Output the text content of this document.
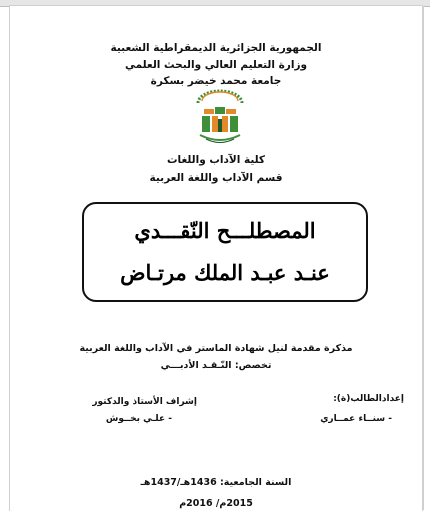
الجمهورية الجزائرية الديمقراطية الشعبية
وزارة التعليم العالي والبحث العلمي
جامعة محمد خيضر بسكرة
كلية الآداب واللغات
قسم الآداب واللغة العربية
المصطلـــح النّقـــدي
عنـد عبـد الملك مرتـاض
مذكرة مقدمة لنيل شهادة الماستر في الآداب واللغة العربية
تخصص: النّـقـد الأدبـــي
إعدادالطالب(ة):
إشراف الأستاذ والدكتور
- سنــاء عمــاري
- علـي بخــوش
السنة الجامعية: 1436هـ/1437هـ
2015م/ 2016م
